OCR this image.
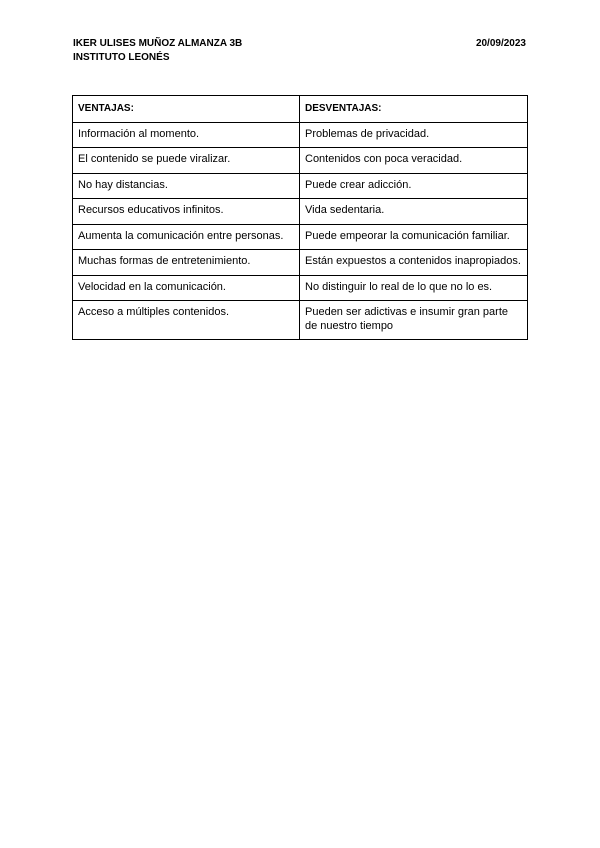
IKER ULISES MUÑOZ ALMANZA 3B
INSTITUTO LEONÉS
20/09/2023
VENTAJAS:	DESVENTAJAS:
Información al momento.	Problemas de privacidad.
El contenido se puede viralizar.	Contenidos con poca veracidad.
No hay distancias.	Puede crear adicción.
Recursos educativos infinitos.	Vida sedentaria.
Aumenta la comunicación entre personas.	Puede empeorar la comunicación familiar.
Muchas formas de entretenimiento.	Están expuestos a contenidos inapropiados.
Velocidad en la comunicación.	No distinguir lo real de lo que no lo es.
Acceso a múltiples contenidos.	Pueden ser adictivas e insumir gran parte de nuestro tiempo
